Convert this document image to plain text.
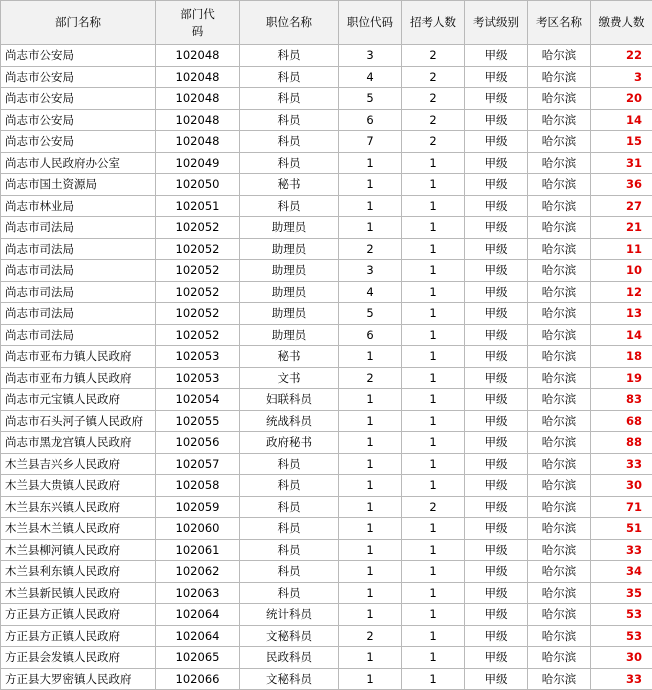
部门名称	部门代码	职位名称	职位代码	招考人数	考试级别	考区名称	缴费人数
尚志市公安局	102048	科员	3	2	甲级	哈尔滨	22
尚志市公安局	102048	科员	4	2	甲级	哈尔滨	3
尚志市公安局	102048	科员	5	2	甲级	哈尔滨	20
尚志市公安局	102048	科员	6	2	甲级	哈尔滨	14
尚志市公安局	102048	科员	7	2	甲级	哈尔滨	15
尚志市人民政府办公室	102049	科员	1	1	甲级	哈尔滨	31
尚志市国土资源局	102050	秘书	1	1	甲级	哈尔滨	36
尚志市林业局	102051	科员	1	1	甲级	哈尔滨	27
尚志市司法局	102052	助理员	1	1	甲级	哈尔滨	21
尚志市司法局	102052	助理员	2	1	甲级	哈尔滨	11
尚志市司法局	102052	助理员	3	1	甲级	哈尔滨	10
尚志市司法局	102052	助理员	4	1	甲级	哈尔滨	12
尚志市司法局	102052	助理员	5	1	甲级	哈尔滨	13
尚志市司法局	102052	助理员	6	1	甲级	哈尔滨	14
尚志市亚布力镇人民政府	102053	秘书	1	1	甲级	哈尔滨	18
尚志市亚布力镇人民政府	102053	文书	2	1	甲级	哈尔滨	19
尚志市元宝镇人民政府	102054	妇联科员	1	1	甲级	哈尔滨	83
尚志市石头河子镇人民政府	102055	统战科员	1	1	甲级	哈尔滨	68
尚志市黑龙宫镇人民政府	102056	政府秘书	1	1	甲级	哈尔滨	88
木兰县吉兴乡人民政府	102057	科员	1	1	甲级	哈尔滨	33
木兰县大贵镇人民政府	102058	科员	1	1	甲级	哈尔滨	30
木兰县东兴镇人民政府	102059	科员	1	2	甲级	哈尔滨	71
木兰县木兰镇人民政府	102060	科员	1	1	甲级	哈尔滨	51
木兰县柳河镇人民政府	102061	科员	1	1	甲级	哈尔滨	33
木兰县利东镇人民政府	102062	科员	1	1	甲级	哈尔滨	34
木兰县新民镇人民政府	102063	科员	1	1	甲级	哈尔滨	35
方正县方正镇人民政府	102064	统计科员	1	1	甲级	哈尔滨	53
方正县方正镇人民政府	102064	文秘科员	2	1	甲级	哈尔滨	53
方正县会发镇人民政府	102065	民政科员	1	1	甲级	哈尔滨	30
方正县大罗密镇人民政府	102066	文秘科员	1	1	甲级	哈尔滨	33
